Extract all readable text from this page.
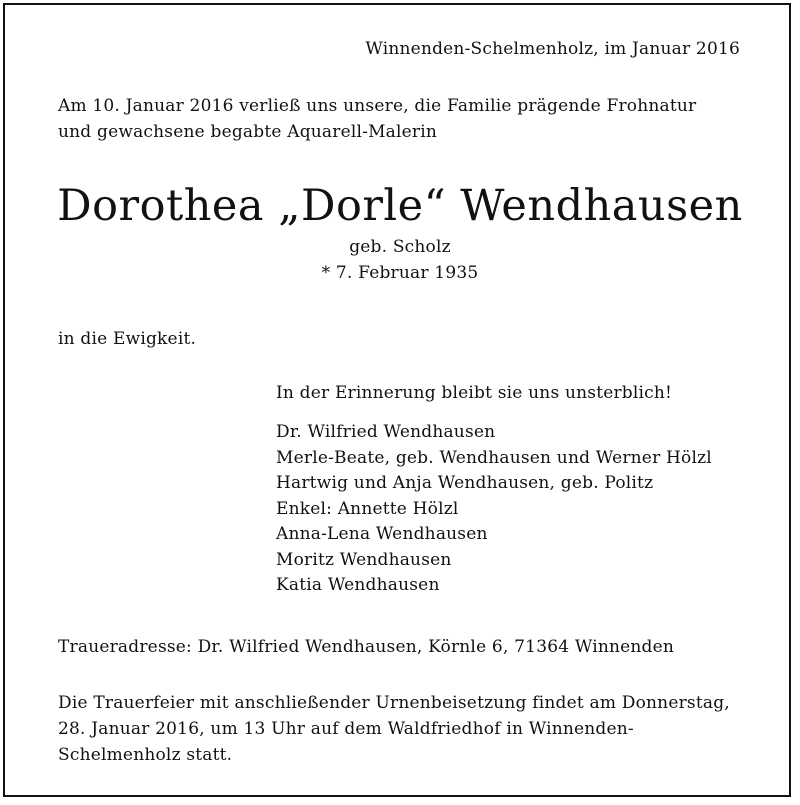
Winnenden-Schelmenholz, im Januar 2016
Am 10. Januar 2016 verließ uns unsere, die Familie prägende Frohnatur
und gewachsene begabte Aquarell-Malerin
Dorothea „Dorle“ Wendhausen
geb. Scholz
* 7. Februar 1935
in die Ewigkeit.
In der Erinnerung bleibt sie uns unsterblich!
Dr. Wilfried Wendhausen
Merle-Beate, geb. Wendhausen und Werner Hölzl
Hartwig und Anja Wendhausen, geb. Politz
Enkel: Annette Hölzl
Anna-Lena Wendhausen
Moritz Wendhausen
Katia Wendhausen
Traueradresse: Dr. Wilfried Wendhausen, Körnle 6, 71364 Winnenden
Die Trauerfeier mit anschließender Urnenbeisetzung findet am Donnerstag,
28. Januar 2016, um 13 Uhr auf dem Waldfriedhof in Winnenden-
Schelmenholz statt.
